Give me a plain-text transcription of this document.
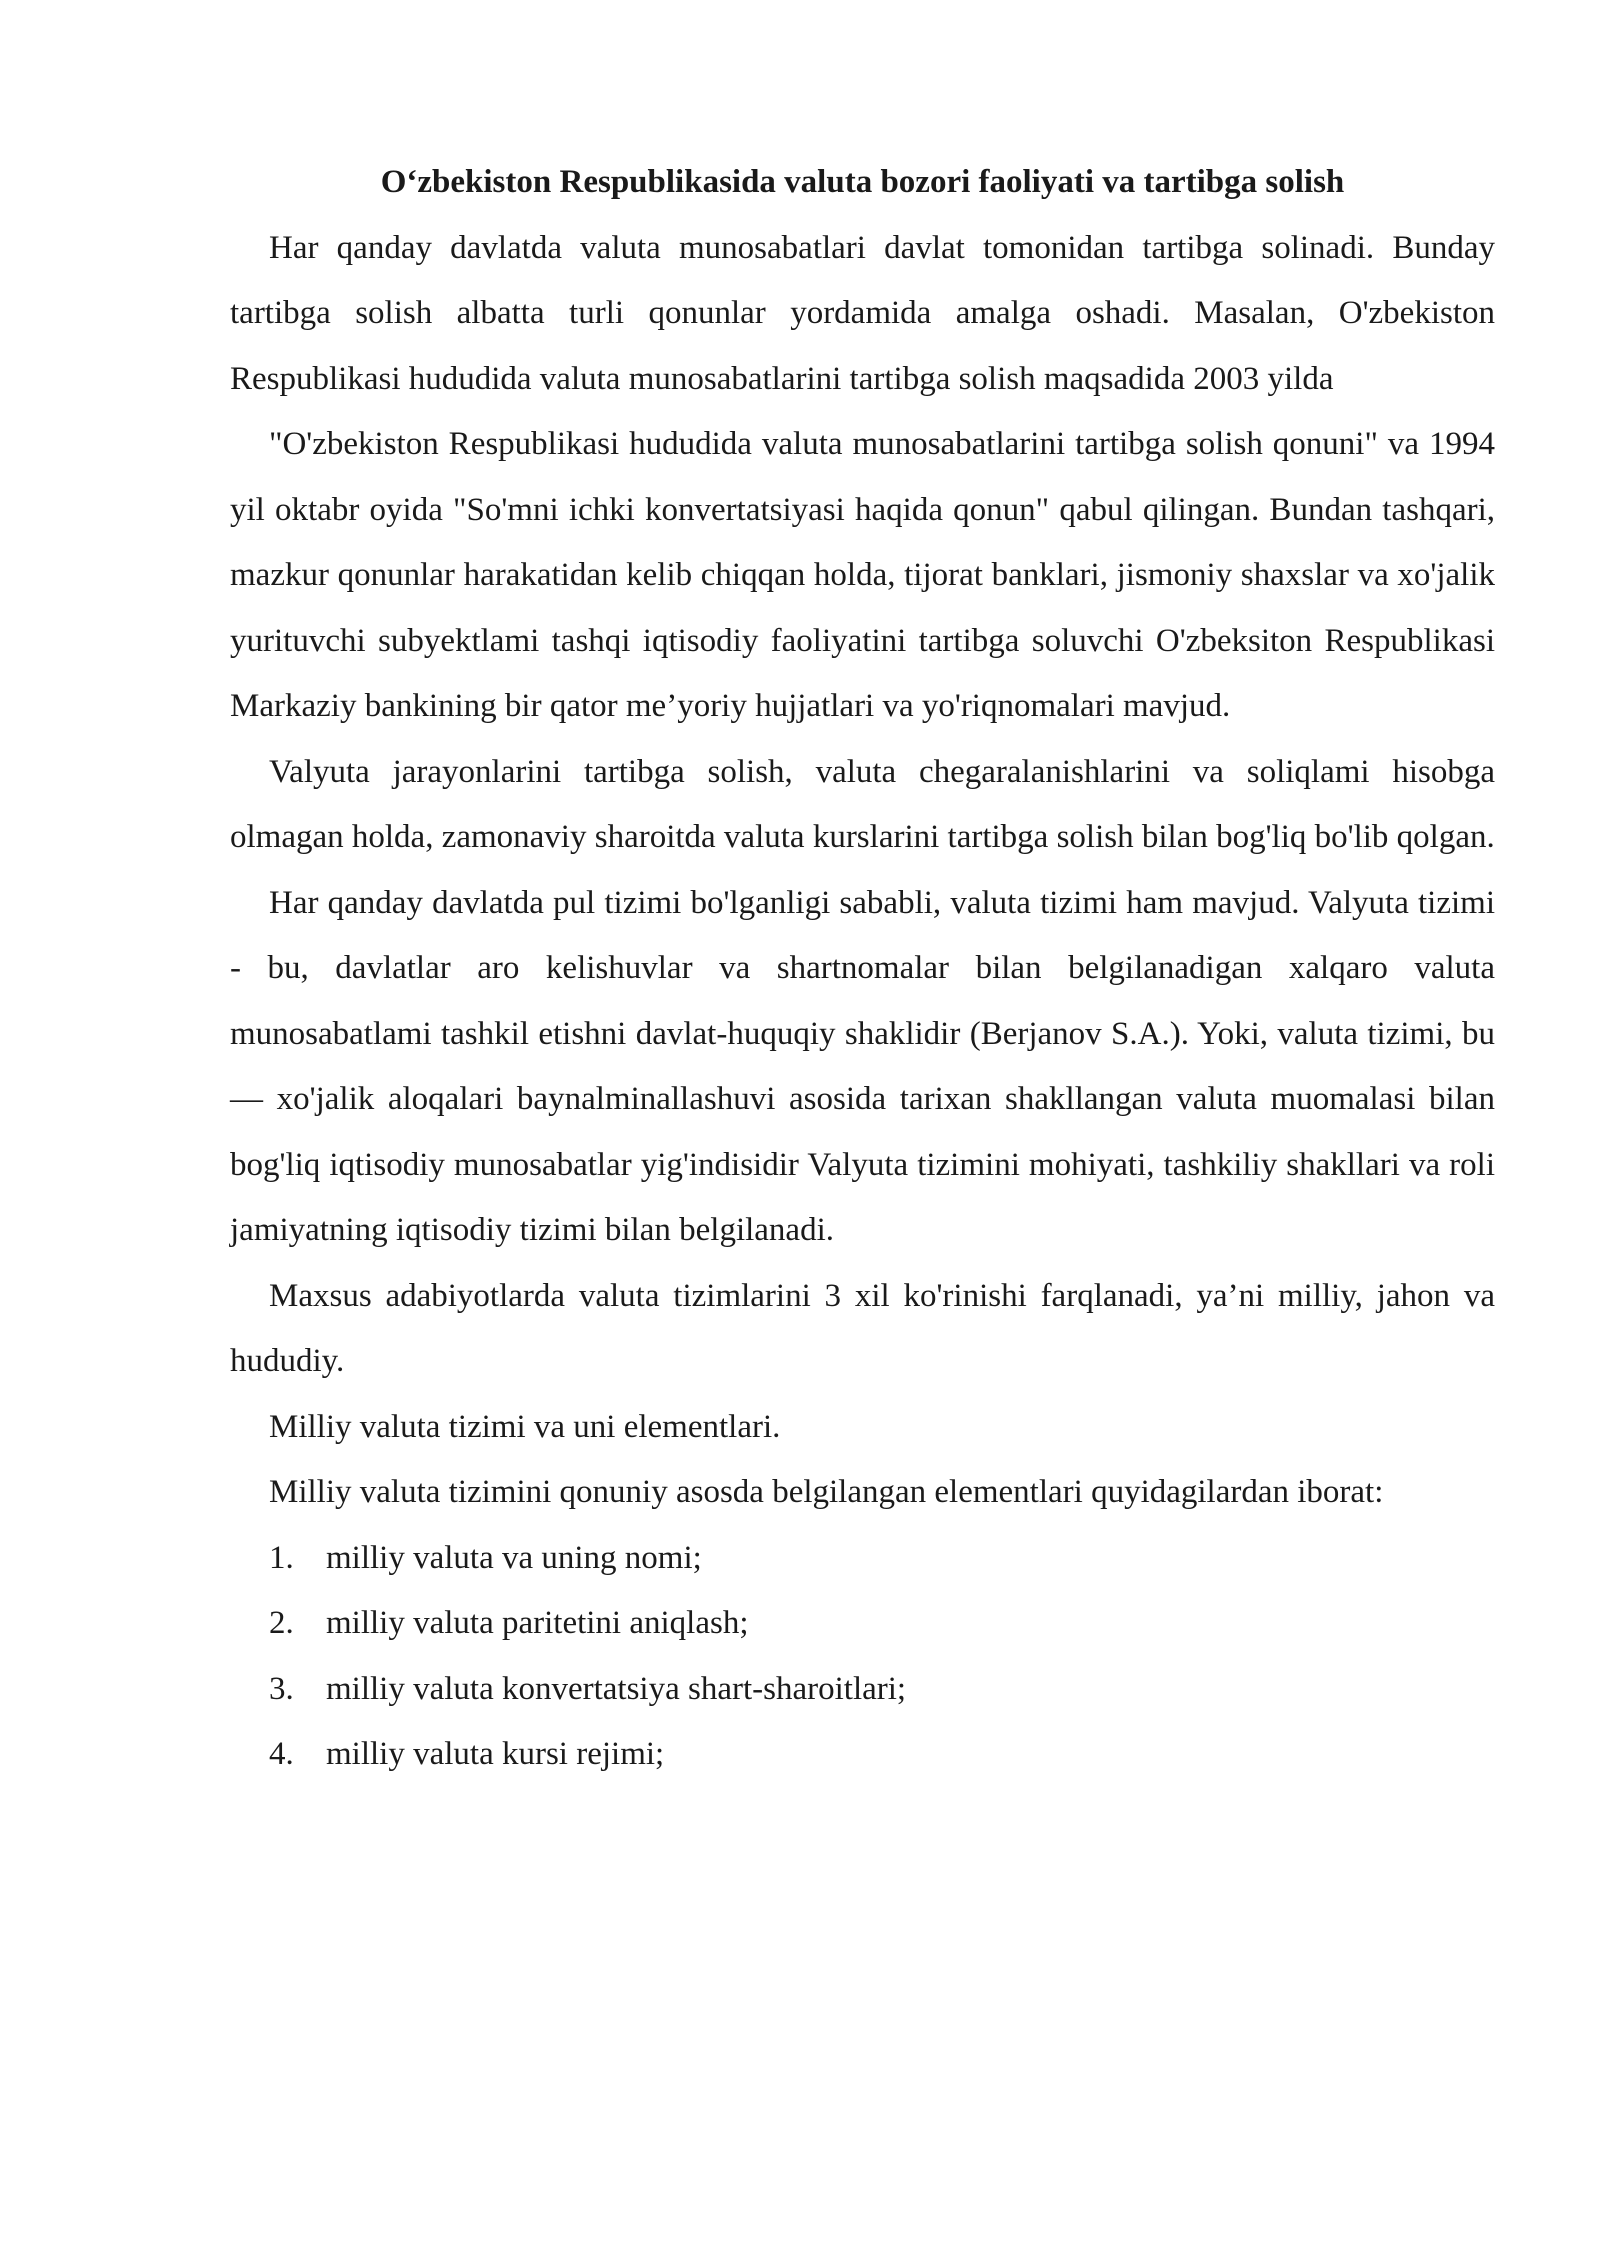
O‘zbekiston Respublikasida valuta bozori faoliyati va tartibga solish

Har qanday davlatda valuta munosabatlari davlat tomonidan tartibga solinadi. Bunday tartibga solish albatta turli qonunlar yordamida amalga oshadi. Masalan, O'zbekiston Respublikasi hududida valuta munosabatlarini tartibga solish maqsadida 2003 yilda

"O'zbekiston Respublikasi hududida valuta munosabatlarini tartibga solish qonuni" va 1994 yil oktabr oyida "So'mni ichki konvertatsiyasi haqida qonun" qabul qilingan. Bundan tashqari, mazkur qonunlar harakatidan kelib chiqqan holda, tijorat banklari, jismoniy shaxslar va xo'jalik yurituvchi subyektlami tashqi iqtisodiy faoliyatini tartibga soluvchi O'zbeksiton Respublikasi Markaziy bankining bir qator me’yoriy hujjatlari va yo'riqnomalari mavjud.

Valyuta jarayonlarini tartibga solish, valuta chegaralanishlarini va soliqlami hisobga olmagan holda, zamonaviy sharoitda valuta kurslarini tartibga solish bilan bog'liq bo'lib qolgan.

Har qanday davlatda pul tizimi bo'lganligi sababli, valuta tizimi ham mavjud. Valyuta tizimi - bu, davlatlar aro kelishuvlar va shartnomalar bilan belgilanadigan xalqaro valuta munosabatlami tashkil etishni davlat-huquqiy shaklidir (Berjanov S.A.). Yoki, valuta tizimi, bu — xo'jalik aloqalari baynalminallashuvi asosida tarixan shakllangan valuta muomalasi bilan bog'liq iqtisodiy munosabatlar yig'indisidir Valyuta tizimini mohiyati, tashkiliy shakllari va roli jamiyatning iqtisodiy tizimi bilan belgilanadi.

Maxsus adabiyotlarda valuta tizimlarini 3 xil ko'rinishi farqlanadi, ya’ni milliy, jahon va hududiy.

Milliy valuta tizimi va uni elementlari.

Milliy valuta tizimini qonuniy asosda belgilangan elementlari quyidagilardan iborat:

1. milliy valuta va uning nomi;
2. milliy valuta paritetini aniqlash;
3. milliy valuta konvertatsiya shart-sharoitlari;
4. milliy valuta kursi rejimi;
